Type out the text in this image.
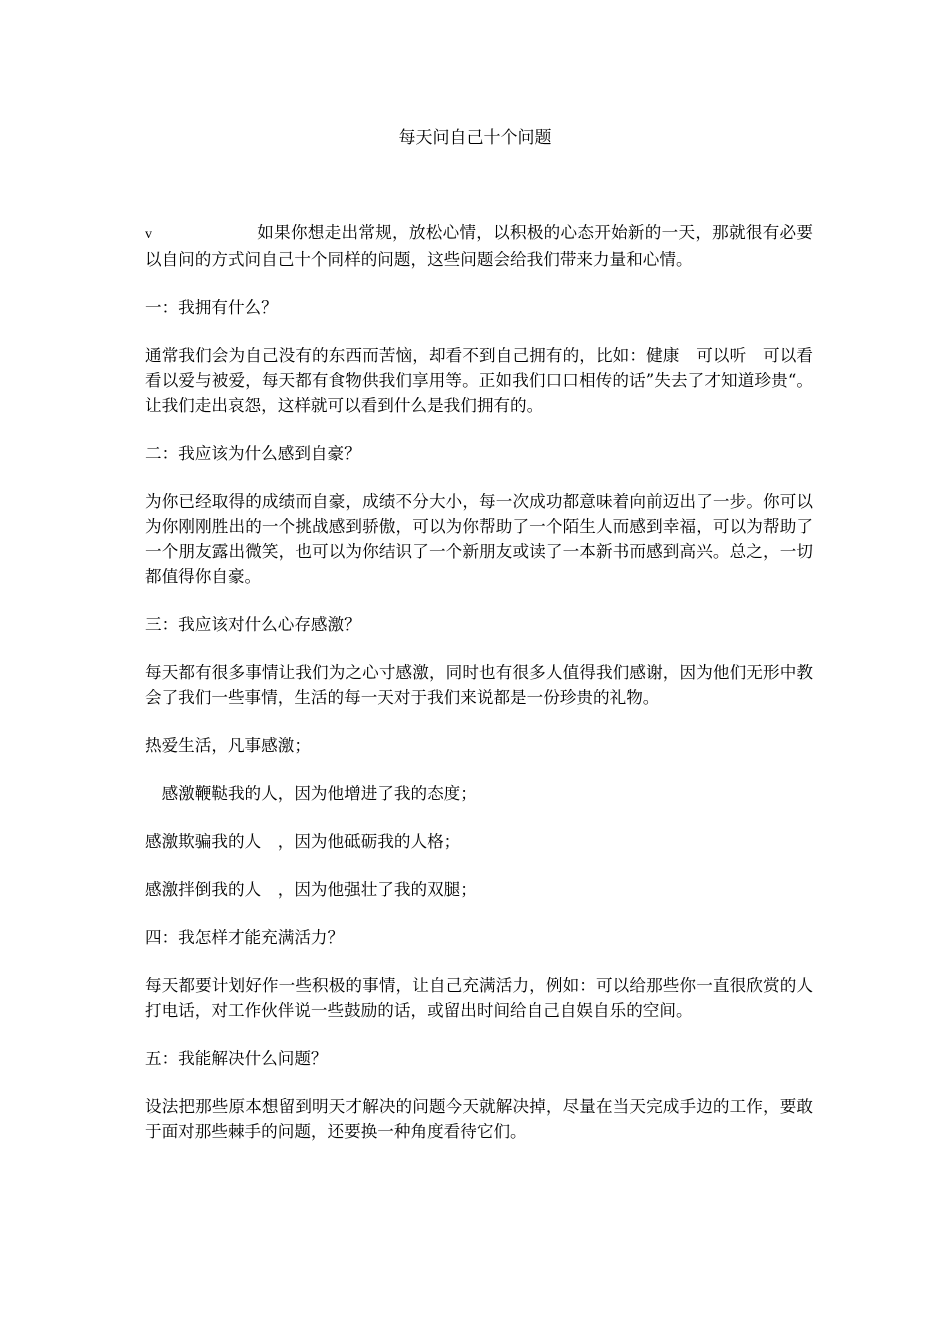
每天问自己十个问题

v	如果你想走出常规，放松心情，以积极的心态开始新的一天，那就很有必要以自问的方式问自己十个同样的问题，这些问题会给我们带来力量和心情。

一：我拥有什么？

通常我们会为自己没有的东西而苦恼，却看不到自己拥有的，比如：健康　可以听　可以看　看以爱与被爱，每天都有食物供我们享用等。正如我们口口相传的话”失去了才知道珍贵“。让我们走出哀怨，这样就可以看到什么是我们拥有的。

二：我应该为什么感到自豪？

为你已经取得的成绩而自豪，成绩不分大小，每一次成功都意味着向前迈出了一步。你可以为你刚刚胜出的一个挑战感到骄傲，可以为你帮助了一个陌生人而感到幸福，可以为帮助了一个朋友露出微笑，也可以为你结识了一个新朋友或读了一本新书而感到高兴。总之，一切都值得你自豪。

三：我应该对什么心存感激？

每天都有很多事情让我们为之心寸感激，同时也有很多人值得我们感谢，因为他们无形中教会了我们一些事情，生活的每一天对于我们来说都是一份珍贵的礼物。

热爱生活，凡事感激；

　感激鞭鞑我的人，因为他增进了我的态度；

感激欺骗我的人　，因为他砥砺我的人格；

感激拌倒我的人　，因为他强壮了我的双腿；

四：我怎样才能充满活力？

每天都要计划好作一些积极的事情，让自己充满活力，例如：可以给那些你一直很欣赏的人打电话，对工作伙伴说一些鼓励的话，或留出时间给自己自娱自乐的空间。

五：我能解决什么问题？

设法把那些原本想留到明天才解决的问题今天就解决掉，尽量在当天完成手边的工作，要敢于面对那些棘手的问题，还要换一种角度看待它们。
